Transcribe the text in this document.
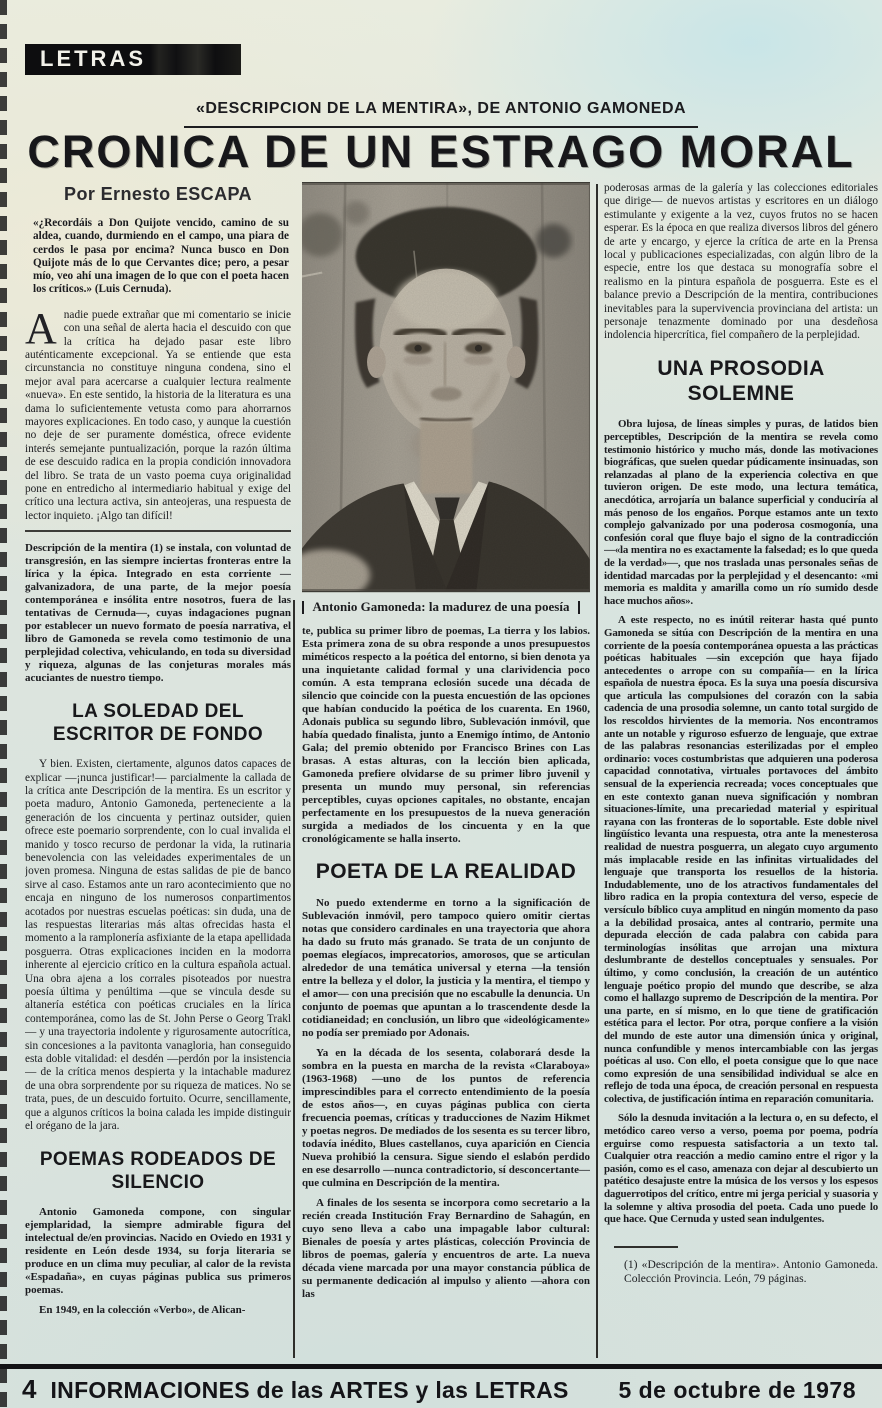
LETRAS
«DESCRIPCION DE LA MENTIRA», DE ANTONIO GAMONEDA
CRONICA DE UN ESTRAGO MORAL
Por Ernesto ESCAPA

«¿Recordáis a Don Quijote vencido, camino de su aldea, cuando, durmiendo en el campo, una piara de cerdos le pasa por encima? Nunca busco en Don Quijote más de lo que Cervantes dice; pero, a pesar mío, veo ahí una imagen de lo que con el poeta hacen los críticos.» (Luis Cernuda).

Anadie puede extrañar que mi comentario se inicie con una señal de alerta hacia el descuido con que la crítica ha dejado pasar este libro auténticamente excepcional. Ya se entiende que esta circunstancia no constituye ninguna condena, sino el mejor aval para acercarse a cualquier lectura realmente «nueva». En este sentido, la historia de la literatura es una dama lo suficientemente vetusta como para ahorrarnos mayores explicaciones. En todo caso, y aunque la cuestión no deje de ser puramente doméstica, ofrece evidente interés semejante puntualización, porque la razón última de ese descuido radica en la propia condición innovadora del libro. Se trata de un vasto poema cuya originalidad pone en entredicho al intermediario habitual y exige del crítico una lectura activa, sin anteojeras, una respuesta de lector inquieto. ¡Algo tan difícil!

Descripción de la mentira (1) se instala, con voluntad de transgresión, en las siempre inciertas fronteras entre la lírica y la épica. Integrado en esta corriente —galvanizadora, de una parte, de la mejor poesía contemporánea e insólita entre nosotros, fuera de las tentativas de Cernuda—, cuyas indagaciones pugnan por establecer un nuevo formato de poesía narrativa, el libro de Gamoneda se revela como testimonio de una perplejidad colectiva, vehiculando, en toda su diversidad y riqueza, algunas de las conjeturas morales más acuciantes de nuestro tiempo.

LA SOLEDAD DEL ESCRITOR DE FONDO

Y bien. Existen, ciertamente, algunos datos capaces de explicar —¡nunca justificar!— parcialmente la callada de la crítica ante Descripción de la mentira. Es un escritor y poeta maduro, Antonio Gamoneda, perteneciente a la generación de los cincuenta y pertinaz outsider, quien ofrece este poemario sorprendente, con lo cual invalida el manido y tosco recurso de perdonar la vida, la rutinaria benevolencia con las veleidades experimentales de un joven promesa. Ninguna de estas salidas de pie de banco sirve al caso. Estamos ante un raro acontecimiento que no encaja en ninguno de los numerosos conpartimentos acotados por nuestras escuelas poéticas: sin duda, una de las respuestas literarias más altas ofrecidas hasta el momento a la ramplonería asfixiante de la etapa apellidada posguerra. Otras explicaciones inciden en la modorra inherente al ejercicio crítico en la cultura española actual. Una obra ajena a los corrales pisoteados por nuestra poesía última y penúltima —que se vincula desde su altanería estética con poéticas cruciales en la lírica contemporánea, como las de St. John Perse o Georg Trakl— y una trayectoria indolente y rigurosamente autocrítica, sin concesiones a la pavitonta vanagloria, han conseguido esta doble vitalidad: el desdén —perdón por la insistencia— de la crítica menos despierta y la intachable madurez de una obra sorprendente por su riqueza de matices. No se trata, pues, de un descuido fortuito. Ocurre, sencillamente, que a algunos críticos la boina calada les impide distinguir el orégano de la jara.

POEMAS RODEADOS DE SILENCIO

Antonio Gamoneda compone, con singular ejemplaridad, la siempre admirable figura del intelectual de/en provincias. Nacido en Oviedo en 1931 y residente en León desde 1934, su forja literaria se produce en un clima muy peculiar, al calor de la revista «Espadaña», en cuyas páginas publica sus primeros poemas.

En 1949, en la colección «Verbo», de Alican-

Antonio Gamoneda: la madurez de una poesía

te, publica su primer libro de poemas, La tierra y los labios. Esta primera zona de su obra responde a unos presupuestos miméticos respecto a la poética del entorno, si bien denota ya una inquietante calidad formal y una clarividencia poco común. A esta temprana eclosión sucede una década de silencio que coincide con la puesta encuestión de las opciones que habían conducido la poética de los cuarenta. En 1960, Adonais publica su segundo libro, Sublevación inmóvil, que había quedado finalista, junto a Enemigo íntimo, de Antonio Gala; del premio obtenido por Francisco Brines con Las brasas. A estas alturas, con la lección bien aplicada, Gamoneda prefiere olvidarse de su primer libro juvenil y presenta un mundo muy personal, sin referencias perceptibles, cuyas opciones capitales, no obstante, encajan perfectamente en los presupuestos de la nueva generación surgida a mediados de los cincuenta y en la que cronológicamente se halla inserto.

POETA DE LA REALIDAD

No puedo extenderme en torno a la significación de Sublevación inmóvil, pero tampoco quiero omitir ciertas notas que considero cardinales en una trayectoria que ahora ha dado su fruto más granado. Se trata de un conjunto de poemas elegíacos, imprecatorios, amorosos, que se articulan alrededor de una temática universal y eterna —la tensión entre la belleza y el dolor, la justicia y la mentira, el tiempo y el amor— con una precisión que no escabulle la denuncia. Un conjunto de poemas que apuntan a lo trascendente desde la cotidianeidad; en conclusión, un libro que «ideológicamente» no podía ser premiado por Adonais.

Ya en la década de los sesenta, colaborará desde la sombra en la puesta en marcha de la revista «Claraboya» (1963-1968) —uno de los puntos de referencia imprescindibles para el correcto entendimiento de la poesía de estos años—, en cuyas páginas publica con cierta frecuencia poemas, críticas y traducciones de Nazim Hikmet y poetas negros. De mediados de los sesenta es su tercer libro, todavía inédito, Blues castellanos, cuya aparición en Ciencia Nueva prohibió la censura. Sigue siendo el eslabón perdido en ese desarrollo —nunca contradictorio, sí desconcertante— que culmina en Descripción de la mentira.

A finales de los sesenta se incorpora como secretario a la recién creada Institución Fray Bernardino de Sahagún, en cuyo seno lleva a cabo una impagable labor cultural: Bienales de poesía y artes plásticas, colección Provincia de libros de poemas, galería y encuentros de arte. La nueva década viene marcada por una mayor constancia pública de su permanente dedicación al impulso y aliento —ahora con las

poderosas armas de la galería y las colecciones editoriales que dirige— de nuevos artistas y escritores en un diálogo estimulante y exigente a la vez, cuyos frutos no se hacen esperar. Es la época en que realiza diversos libros del género de arte y encargo, y ejerce la crítica de arte en la Prensa local y publicaciones especializadas, con algún libro de la especie, entre los que destaca su monografía sobre el realismo en la pintura española de posguerra. Este es el balance previo a Descripción de la mentira, contribuciones inevitables para la supervivencia provinciana del artista: un personaje tenazmente dominado por una desdeñosa indolencia hipercrítica, fiel compañero de la perplejidad.

UNA PROSODIA SOLEMNE

Obra lujosa, de líneas simples y puras, de latidos bien perceptibles, Descripción de la mentira se revela como testimonio histórico y mucho más, donde las motivaciones biográficas, que suelen quedar púdicamente insinuadas, son relanzadas al plano de la experiencia colectiva en que tuvieron origen. De este modo, una lectura temática, anecdótica, arrojaría un balance superficial y conduciría al más penoso de los engaños. Porque estamos ante un texto complejo galvanizado por una poderosa cosmogonía, una confesión coral que fluye bajo el signo de la contradicción —«la mentira no es exactamente la falsedad; es lo que queda de la verdad»—, que nos traslada unas personales señas de identidad marcadas por la perplejidad y el desencanto: «mi memoria es maldita y amarilla como un río sumido desde hace muchos años».

A este respecto, no es inútil reiterar hasta qué punto Gamoneda se sitúa con Descripción de la mentira en una corriente de la poesía contemporánea opuesta a las prácticas poéticas habituales —sin excepción que haya fijado antecedentes o arrope con su compañía— en la lírica española de nuestra época. Es la suya una poesía discursiva que articula las compulsiones del corazón con la sabia cadencia de una prosodia solemne, un canto total surgido de los rescoldos hirvientes de la memoria. Nos encontramos ante un notable y riguroso esfuerzo de lenguaje, que extrae de las palabras resonancias esterilizadas por el empleo ordinario: voces costumbristas que adquieren una poderosa capacidad connotativa, virtuales portavoces del ámbito sensual de la experiencia recreada; voces conceptuales que en este contexto ganan nueva significación y nombran situaciones-límite, una precariedad material y espiritual rayana con las fronteras de lo soportable. Este doble nivel lingüístico levanta una respuesta, otra ante la menesterosa realidad de nuestra posguerra, un alegato cuyo argumento más implacable reside en las infinitas virtualidades del lenguaje que transporta los resuellos de la historia. Indudablemente, uno de los atractivos fundamentales del libro radica en la propia contextura del verso, especie de versículo bíblico cuya amplitud en ningún momento da paso a la debilidad prosaica, antes al contrario, permite una depurada elección de cada palabra con cabida para terminologías insólitas que arrojan una mixtura deslumbrante de destellos conceptuales y sensuales. Por último, y como conclusión, la creación de un auténtico lenguaje poético propio del mundo que describe, se alza como el hallazgo supremo de Descripción de la mentira. Por una parte, en sí mismo, en lo que tiene de gratificación estética para el lector. Por otra, porque confiere a la visión del mundo de este autor una dimensión única y original, nunca confundible y menos intercambiable con las jergas poéticas al uso. Con ello, el poeta consigue que lo que nace como expresión de una sensibilidad individual se alce en reflejo de toda una época, de creación personal en respuesta colectiva, de justificación íntima en reparación comunitaria.

Sólo la desnuda invitación a la lectura o, en su defecto, el metódico careo verso a verso, poema por poema, podría erguirse como respuesta satisfactoria a un texto tal. Cualquier otra reacción a medio camino entre el rigor y la pasión, como es el caso, amenaza con dejar al descubierto un patético desajuste entre la música de los versos y los espesos daguerrotipos del crítico, entre mi jerga pericial y suasoria y la solemne y altiva prosodia del poeta. Cada uno puede lo que hace. Que Cernuda y usted sean indulgentes.

(1) «Descripción de la mentira». Antonio Gamoneda. Colección Provincia. León, 79 páginas.

4 INFORMACIONES de las ARTES y las LETRAS 5 de octubre de 1978
